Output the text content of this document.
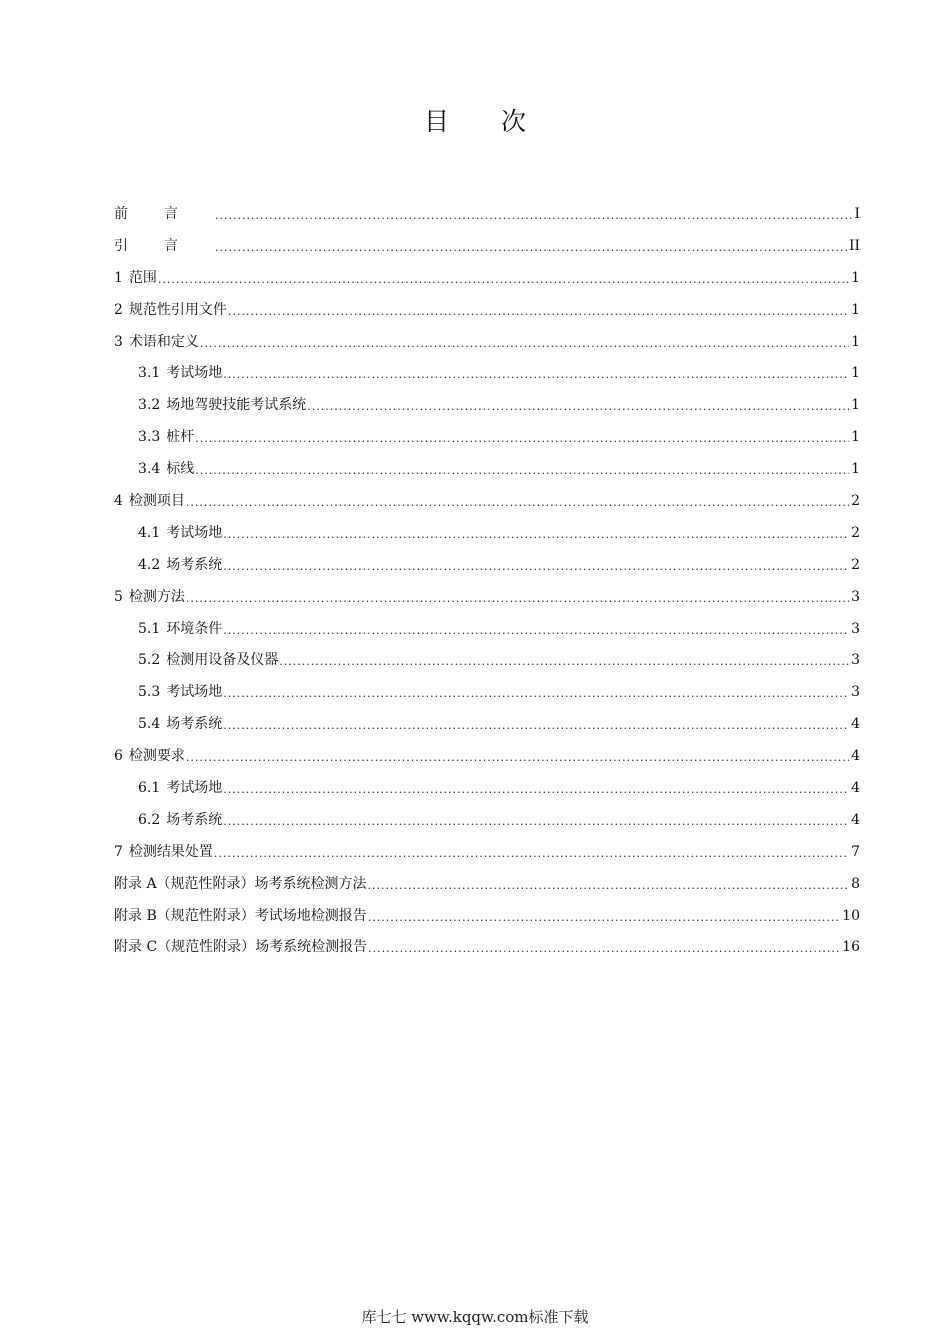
目 次
前言 .....	I
引言 .....	II
1 范围 .....	1
2 规范性引用文件 .....	1
3 术语和定义 .....	1
3.1 考试场地 .....	1
3.2 场地驾驶技能考试系统 .....	1
3.3 桩杆 .....	1
3.4 标线 .....	1
4 检测项目 .....	2
4.1 考试场地 .....	2
4.2 场考系统 .....	2
5 检测方法 .....	3
5.1 环境条件 .....	3
5.2 检测用设备及仪器 .....	3
5.3 考试场地 .....	3
5.4 场考系统 .....	4
6 检测要求 .....	4
6.1 考试场地 .....	4
6.2 场考系统 .....	4
7 检测结果处置 .....	7
附录 A（规范性附录）场考系统检测方法 .....	8
附录 B（规范性附录）考试场地检测报告 .....	10
附录 C（规范性附录）场考系统检测报告 .....	16

库七七 www.kqqw.com标准下载
